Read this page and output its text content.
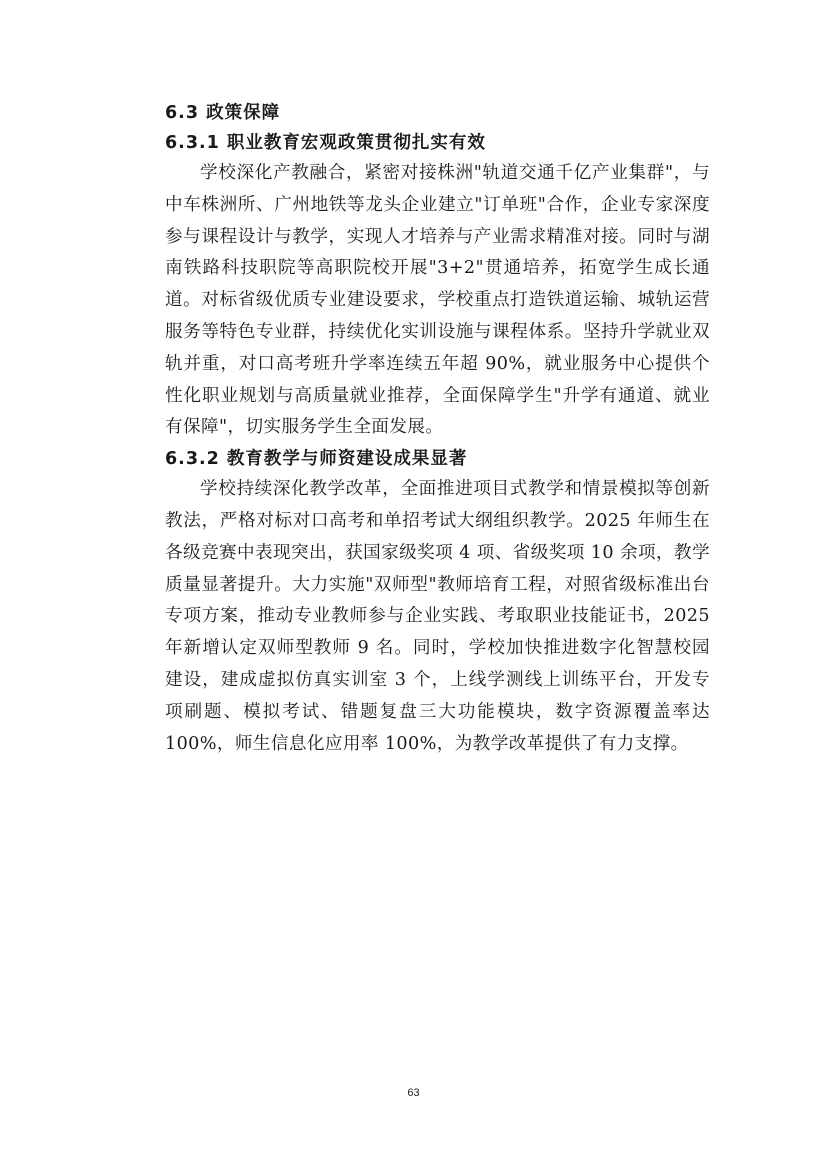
6.3 政策保障
6.3.1 职业教育宏观政策贯彻扎实有效

学校深化产教融合，紧密对接株洲"轨道交通千亿产业集群"，与中车株洲所、广州地铁等龙头企业建立"订单班"合作，企业专家深度参与课程设计与教学，实现人才培养与产业需求精准对接。同时与湖南铁路科技职院等高职院校开展"3+2"贯通培养，拓宽学生成长通道。对标省级优质专业建设要求，学校重点打造铁道运输、城轨运营服务等特色专业群，持续优化实训设施与课程体系。坚持升学就业双轨并重，对口高考班升学率连续五年超 90%，就业服务中心提供个性化职业规划与高质量就业推荐，全面保障学生"升学有通道、就业有保障"，切实服务学生全面发展。

6.3.2 教育教学与师资建设成果显著

学校持续深化教学改革，全面推进项目式教学和情景模拟等创新教法，严格对标对口高考和单招考试大纲组织教学。2025 年师生在各级竞赛中表现突出，获国家级奖项 4 项、省级奖项 10 余项，教学质量显著提升。大力实施"双师型"教师培育工程，对照省级标准出台专项方案，推动专业教师参与企业实践、考取职业技能证书，2025 年新增认定双师型教师 9 名。同时，学校加快推进数字化智慧校园建设，建成虚拟仿真实训室 3 个，上线学测线上训练平台，开发专项刷题、模拟考试、错题复盘三大功能模块，数字资源覆盖率达 100%，师生信息化应用率 100%，为教学改革提供了有力支撑。

63
